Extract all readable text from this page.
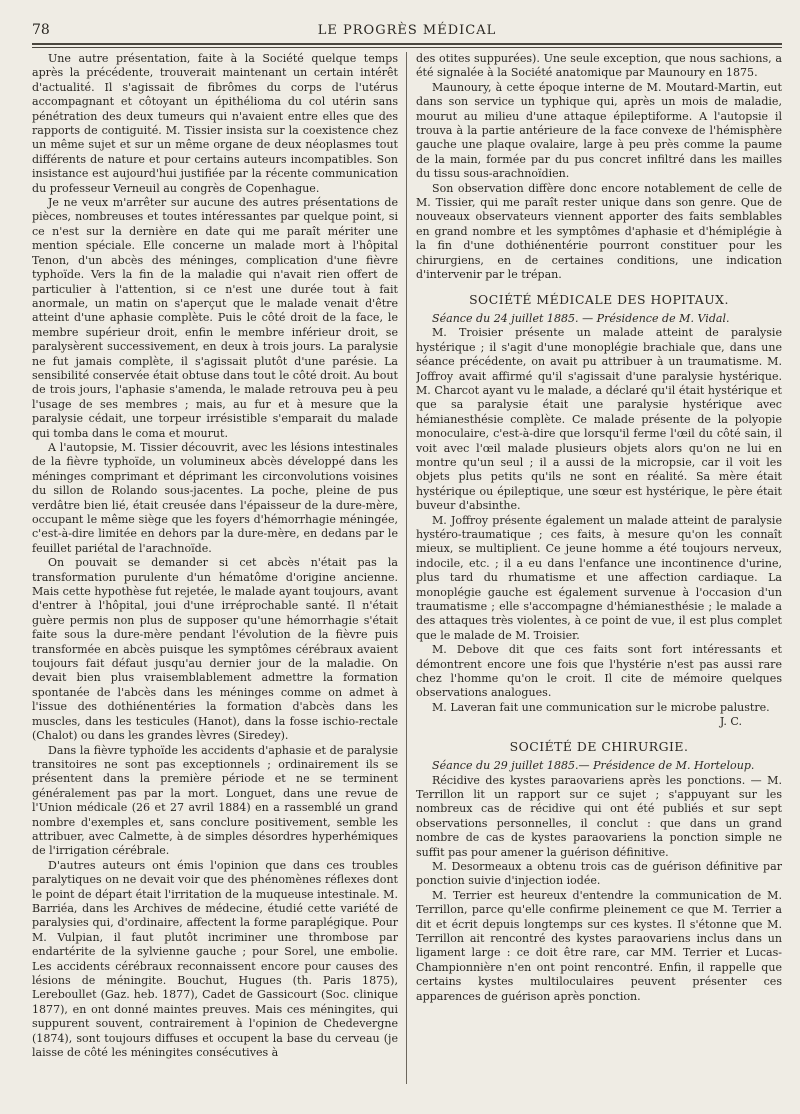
78	LE PROGRÈS MÉDICAL

Une autre présentation, faite à la Société quelque temps après la précédente, trouverait maintenant un certain intérêt d'actualité. Il s'agissait de fibrômes du corps de l'utérus accompagnant et côtoyant un épithélioma du col utérin sans pénétration des deux tumeurs qui n'avaient entre elles que des rapports de contiguité. M. Tissier insista sur la coexistence chez un même sujet et sur un même organe de deux néoplasmes tout différents de nature et pour certains auteurs incompatibles. Son insistance est aujourd'hui justifiée par la récente communication du professeur Verneuil au congrès de Copenhague.

Je ne veux m'arrêter sur aucune des autres présentations de pièces, nombreuses et toutes intéressantes par quelque point, si ce n'est sur la dernière en date qui me paraît mériter une mention spéciale. Elle concerne un malade mort à l'hôpital Tenon, d'un abcès des méninges, complication d'une fièvre typhoïde. Vers la fin de la maladie qui n'avait rien offert de particulier à l'attention, si ce n'est une durée tout à fait anormale, un matin on s'aperçut que le malade venait d'être atteint d'une aphasie complète. Puis le côté droit de la face, le membre supérieur droit, enfin le membre inférieur droit, se paralysèrent successivement, en deux à trois jours. La paralysie ne fut jamais complète, il s'agissait plutôt d'une parésie. La sensibilité conservée était obtuse dans tout le côté droit. Au bout de trois jours, l'aphasie s'amenda, le malade retrouva peu à peu l'usage de ses membres ; mais, au fur et à mesure que la paralysie cédait, une torpeur irrésistible s'emparait du malade qui tomba dans le coma et mourut.

A l'autopsie, M. Tissier découvrit, avec les lésions intestinales de la fièvre typhoïde, un volumineux abcès développé dans les méninges comprimant et déprimant les circonvolutions voisines du sillon de Rolando sous-jacentes. La poche, pleine de pus verdâtre bien lié, était creusée dans l'épaisseur de la dure-mère, occupant le même siège que les foyers d'hémorrhagie méningée, c'est-à-dire limitée en dehors par la dure-mère, en dedans par le feuillet pariétal de l'arachnoïde.

On pouvait se demander si cet abcès n'était pas la transformation purulente d'un hématôme d'origine ancienne. Mais cette hypothèse fut rejetée, le malade ayant toujours, avant d'entrer à l'hôpital, joui d'une irréprochable santé. Il n'était guère permis non plus de supposer qu'une hémorrhagie s'était faite sous la dure-mère pendant l'évolution de la fièvre puis transformée en abcès puisque les symptômes cérébraux avaient toujours fait défaut jusqu'au dernier jour de la maladie. On devait bien plus vraisemblablement admettre la formation spontanée de l'abcès dans les méninges comme on admet à l'issue des dothiénentéries la formation d'abcès dans les muscles, dans les testicules (Hanot), dans la fosse ischio-rectale (Chalot) ou dans les grandes lèvres (Siredey).

Dans la fièvre typhoïde les accidents d'aphasie et de paralysie transitoires ne sont pas exceptionnels ; ordinairement ils se présentent dans la première période et ne se terminent généralement pas par la mort. Longuet, dans une revue de l'Union médicale (26 et 27 avril 1884) en a rassemblé un grand nombre d'exemples et, sans conclure positivement, semble les attribuer, avec Calmette, à de simples désordres hyperhémiques de l'irrigation cérébrale.

D'autres auteurs ont émis l'opinion que dans ces troubles paralytiques on ne devait voir que des phénomènes réflexes dont le point de départ était l'irritation de la muqueuse intestinale. M. Barriéa, dans les Archives de médecine, étudié cette variété de paralysies qui, d'ordinaire, affectent la forme paraplégique. Pour M. Vulpian, il faut plutôt incriminer une thrombose par endartérite de la sylvienne gauche ; pour Sorel, une embolie. Les accidents cérébraux reconnaissent encore pour causes des lésions de méningite. Bouchut, Hugues (th. Paris 1875), Lereboullet (Gaz. heb. 1877), Cadet de Gassicourt (Soc. clinique 1877), en ont donné maintes preuves. Mais ces méningites, qui suppurent souvent, contrairement à l'opinion de Chedevergne (1874), sont toujours diffuses et occupent la base du cerveau (je laisse de côté les méningites consécutives à

des otites suppurées). Une seule exception, que nous sachions, a été signalée à la Société anatomique par Maunoury en 1875.

Maunoury, à cette époque interne de M. Moutard-Martin, eut dans son service un typhique qui, après un mois de maladie, mourut au milieu d'une attaque épileptiforme. A l'autopsie il trouva à la partie antérieure de la face convexe de l'hémisphère gauche une plaque ovalaire, large à peu près comme la paume de la main, formée par du pus concret infiltré dans les mailles du tissu sous-arachnoïdien.

Son observation diffère donc encore notablement de celle de M. Tissier, qui me paraît rester unique dans son genre. Que de nouveaux observateurs viennent apporter des faits semblables en grand nombre et les symptômes d'aphasie et d'hémiplégie à la fin d'une dothiénentérie pourront constituer pour les chirurgiens, en de certaines conditions, une indication d'intervenir par le trépan.

SOCIÉTÉ MÉDICALE DES HOPITAUX.

Séance du 24 juillet 1885. — Présidence de M. Vidal.

M. Troisier présente un malade atteint de paralysie hystérique ; il s'agit d'une monoplégie brachiale que, dans une séance précédente, on avait pu attribuer à un traumatisme. M. Joffroy avait affirmé qu'il s'agissait d'une paralysie hystérique. M. Charcot ayant vu le malade, a déclaré qu'il était hystérique et que sa paralysie était une paralysie hystérique avec hémianesthésie complète. Ce malade présente de la polyopie monoculaire, c'est-à-dire que lorsqu'il ferme l'œil du côté sain, il voit avec l'œil malade plusieurs objets alors qu'on ne lui en montre qu'un seul ; il a aussi de la micropsie, car il voit les objets plus petits qu'ils ne sont en réalité. Sa mère était hystérique ou épileptique, une sœur est hystérique, le père était buveur d'absinthe.

M. Joffroy présente également un malade atteint de paralysie hystéro-traumatique ; ces faits, à mesure qu'on les connaît mieux, se multiplient. Ce jeune homme a été toujours nerveux, indocile, etc. ; il a eu dans l'enfance une incontinence d'urine, plus tard du rhumatisme et une affection cardiaque. La monoplégie gauche est également survenue à l'occasion d'un traumatisme ; elle s'accompagne d'hémianesthésie ; le malade a des attaques très violentes, à ce point de vue, il est plus complet que le malade de M. Troisier.

M. Debove dit que ces faits sont fort intéressants et démontrent encore une fois que l'hystérie n'est pas aussi rare chez l'homme qu'on le croit. Il cite de mémoire quelques observations analogues.

M. Laveran fait une communication sur le microbe palustre.

J. C.

SOCIÉTÉ DE CHIRURGIE.

Séance du 29 juillet 1885.— Présidence de M. Horteloup.

Récidive des kystes paraovariens après les ponctions. — M. Terrillon lit un rapport sur ce sujet ; s'appuyant sur les nombreux cas de récidive qui ont été publiés et sur sept observations personnelles, il conclut : que dans un grand nombre de cas de kystes paraovariens la ponction simple ne suffit pas pour amener la guérison définitive.

M. Desormeaux a obtenu trois cas de guérison définitive par ponction suivie d'injection iodée.

M. Terrier est heureux d'entendre la communication de M. Terrillon, parce qu'elle confirme pleinement ce que M. Terrier a dit et écrit depuis longtemps sur ces kystes. Il s'étonne que M. Terrillon ait rencontré des kystes paraovariens inclus dans un ligament large : ce doit être rare, car MM. Terrier et Lucas-Championnière n'en ont point rencontré. Enfin, il rappelle que certains kystes multiloculaires peuvent présenter ces apparences de guérison après ponction.
